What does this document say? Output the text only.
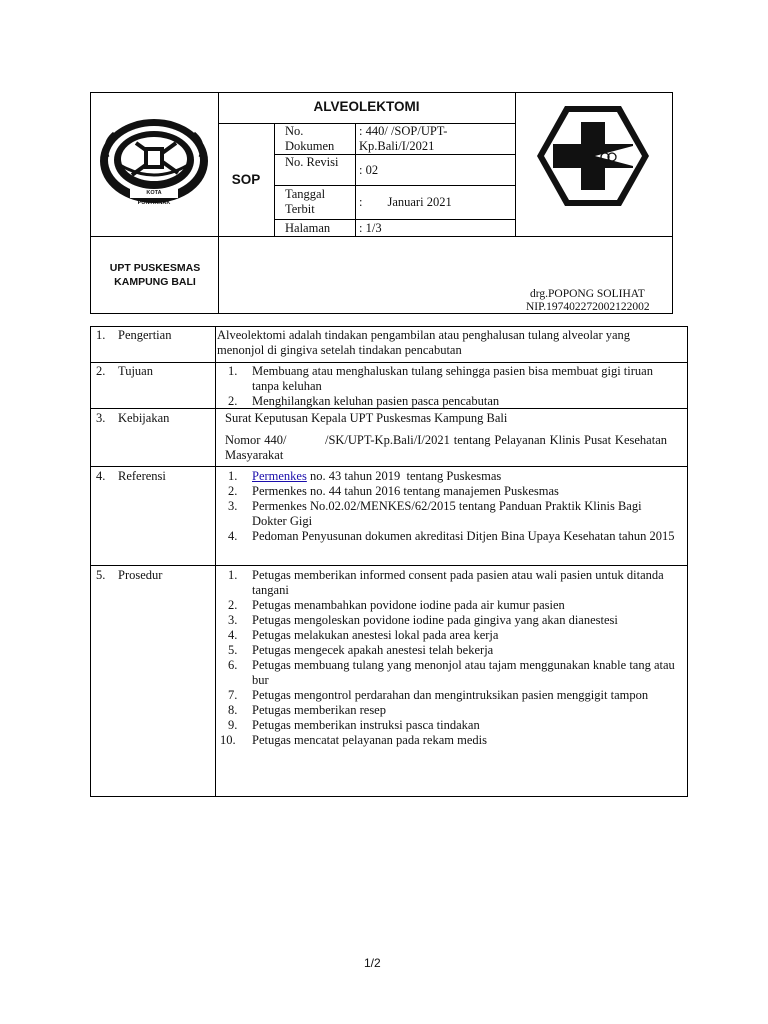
KOTA PONTIANAK
ALVEOLEKTOMI
SOP
No. Dokumen
: 440/ /SOP/UPT-Kp.Bali/I/2021
No. Revisi
: 02
Tanggal Terbit	:        Januari 2021
Halaman : 1/3
UPT PUSKESMAS KAMPUNG BALI
drg.POPONG SOLIHAT
NIP.197402272002122002
1. Pengertian	Alveolektomi adalah tindakan pengambilan atau penghalusan tulang alveolar yang menonjol di gingiva setelah tindakan pencabutan
2. Tujuan	1. Membuang atau menghaluskan tulang sehingga pasien bisa membuat gigi tiruan tanpa keluhan
2. Menghilangkan keluhan pasien pasca pencabutan
3. Kebijakan	Surat Keputusan Kepala UPT Puskesmas Kampung Bali
Nomor 440/          /SK/UPT-Kp.Bali/I/2021 tentang Pelayanan Klinis Pusat Kesehatan Masyarakat
4. Referensi	1. Permenkes no. 43 tahun 2019  tentang Puskesmas
2. Permenkes no. 44 tahun 2016 tentang manajemen Puskesmas
3. Permenkes No.02.02/MENKES/62/2015 tentang Panduan Praktik Klinis Bagi Dokter Gigi
4. Pedoman Penyusunan dokumen akreditasi Ditjen Bina Upaya Kesehatan tahun 2015
5. Prosedur	1. Petugas memberikan informed consent pada pasien atau wali pasien untuk ditanda tangani
2. Petugas menambahkan povidone iodine pada air kumur pasien
3. Petugas mengoleskan povidone iodine pada gingiva yang akan dianestesi
4. Petugas melakukan anestesi lokal pada area kerja
5. Petugas mengecek apakah anestesi telah bekerja
6. Petugas membuang tulang yang menonjol atau tajam menggunakan knable tang atau bur
7. Petugas mengontrol perdarahan dan mengintruksikan pasien menggigit tampon
8. Petugas memberikan resep
9. Petugas memberikan instruksi pasca tindakan
10. Petugas mencatat pelayanan pada rekam medis
1/2
